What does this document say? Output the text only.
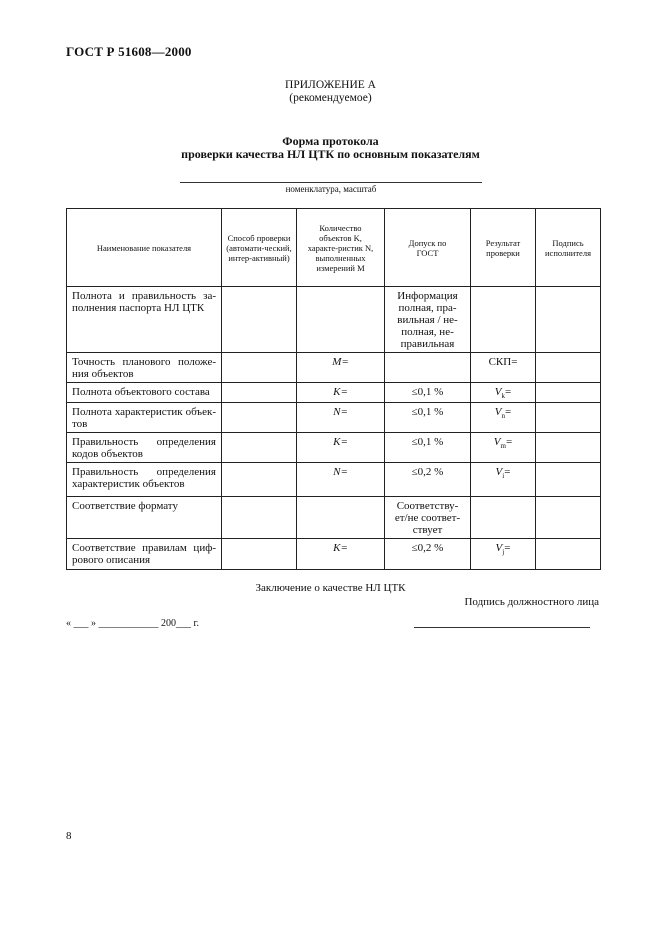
ГОСТ Р 51608—2000
ПРИЛОЖЕНИЕ А
(рекомендуемое)
Форма протокола
проверки качества НЛ ЦТК по основным показателям
номенклатура, масштаб
Наименование показателя	Способ проверки (автомати-ческий, интер-активный)	Количество объектов K, характе-ристик N, выполненных измерений M	Допуск по ГОСТ	Результат проверки	Подпись исполнителя
Полнота и правильность за-полнения паспорта НЛ ЦТК			Информация полная, пра-вильная / не-полная, не-правильная		
Точность планового положе-ния объектов		M=		СКП=	
Полнота объектового состава		K=	≤0,1 %	$V_k=$	
Полнота характеристик объек-тов		N=	≤0,1 %	$V_n=$	
Правильность определения кодов объектов		K=	≤0,1 %	$V_m=$	
Правильность определения характеристик объектов		N=	≤0,2 %	$V_i=$	
Соответствие формату			Соответству-ет/не соответ-ствует		
Соответствие правилам циф-рового описания		K=	≤0,2 %	$V_j=$	
Заключение о качестве НЛ ЦТК
Подпись должностного лица
« ___ » ____________ 200___ г.
8
